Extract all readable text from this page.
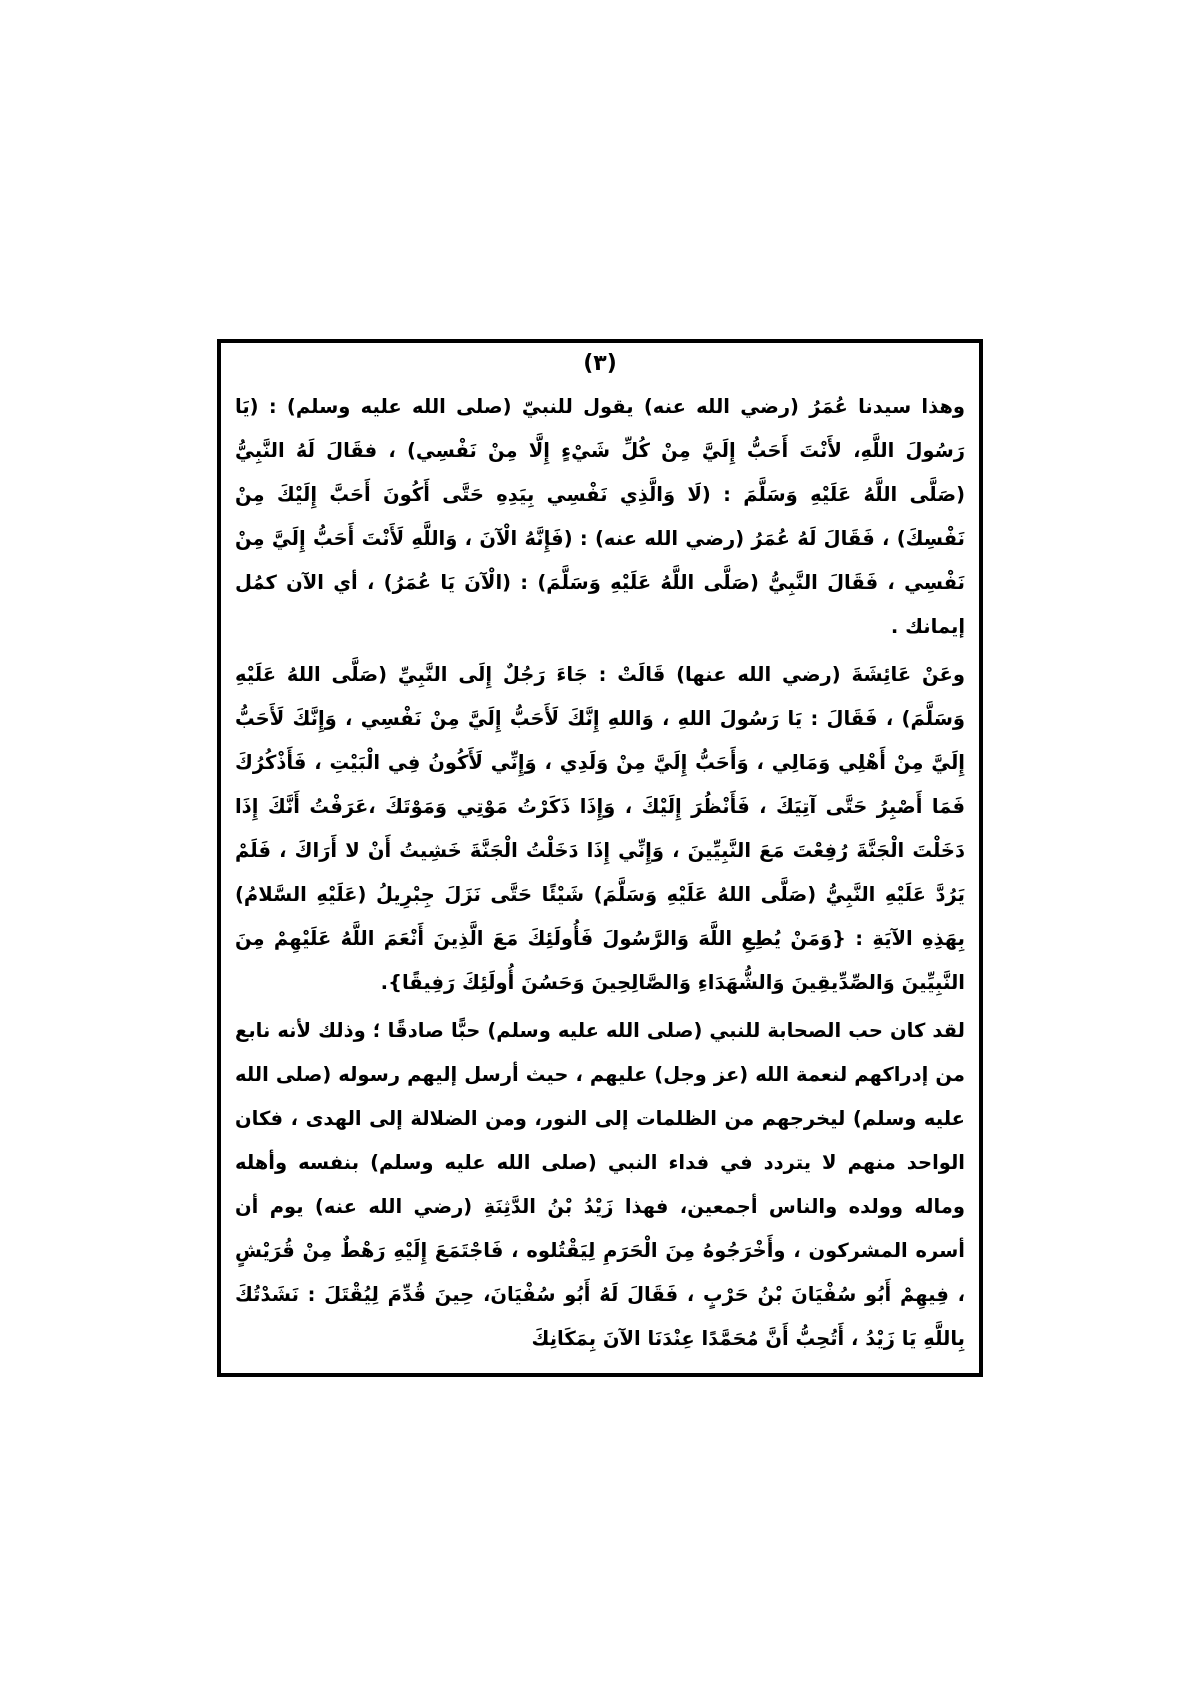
(٣)

وهذا سيدنا عُمَرُ (رضي الله عنه) يقول للنبيّ (صلى الله عليه وسلم) : (يَا رَسُولَ اللَّهِ، لأَنْتَ أَحَبُّ إِلَيَّ مِنْ كُلِّ شَيْءٍ إِلَّا مِنْ نَفْسِي) ، فقَالَ لَهُ النَّبِيُّ (صَلَّى اللَّهُ عَلَيْهِ وَسَلَّمَ : (لَا وَالَّذِي نَفْسِي بِيَدِهِ حَتَّى أَكُونَ أَحَبَّ إِلَيْكَ مِنْ نَفْسِكَ) ، فَقَالَ لَهُ عُمَرُ (رضي الله عنه) : (فَإِنَّهُ الْآنَ ، وَاللَّهِ لَأَنْتَ أَحَبُّ إِلَيَّ مِنْ نَفْسِي ، فَقَالَ النَّبِيُّ (صَلَّى اللَّهُ عَلَيْهِ وَسَلَّمَ) : (الْآنَ يَا عُمَرُ) ، أي الآن كمُل إيمانك .

وعَنْ عَائِشَةَ (رضي الله عنها) قَالَتْ : جَاءَ رَجُلٌ إِلَى النَّبِيِّ (صَلَّى اللهُ عَلَيْهِ وَسَلَّمَ) ، فَقَالَ : يَا رَسُولَ اللهِ ، وَاللهِ إِنَّكَ لَأَحَبُّ إِلَيَّ مِنْ نَفْسِي ، وَإِنَّكَ لَأَحَبُّ إِلَيَّ مِنْ أَهْلِي وَمَالِي ، وَأَحَبُّ إِلَيَّ مِنْ وَلَدِي ، وَإِنِّي لَأَكُونُ فِي الْبَيْتِ ، فَأَذْكُرُكَ فَمَا أَصْبِرُ حَتَّى آتِيَكَ ، فَأَنْظُرَ إِلَيْكَ ، وَإِذَا ذَكَرْتُ مَوْتِي وَمَوْتَكَ ،عَرَفْتُ أَنَّكَ إِذَا دَخَلْتَ الْجَنَّةَ رُفِعْتَ مَعَ النَّبِيِّينَ ، وَإِنِّي إِذَا دَخَلْتُ الْجَنَّةَ خَشِيتُ أَنْ لا أَرَاكَ ، فَلَمْ يَرُدَّ عَلَيْهِ النَّبِيُّ (صَلَّى اللهُ عَلَيْهِ وَسَلَّمَ) شَيْئًا حَتَّى نَزَلَ جِبْرِيلُ (عَلَيْهِ السَّلامُ) بِهَذِهِ الآيَةِ : {وَمَنْ يُطِعِ اللَّهَ وَالرَّسُولَ فَأُولَئِكَ مَعَ الَّذِينَ أَنْعَمَ اللَّهُ عَلَيْهِمْ مِنَ النَّبِيِّينَ وَالصِّدِّيقِينَ وَالشُّهَدَاءِ وَالصَّالِحِينَ وَحَسُنَ أُولَئِكَ رَفِيقًا}.

لقد كان حب الصحابة للنبي (صلى الله عليه وسلم) حبًّا صادقًا ؛ وذلك لأنه نابع من إدراكهم لنعمة الله (عز وجل) عليهم ، حيث أرسل إليهم رسوله (صلى الله عليه وسلم) ليخرجهم من الظلمات إلى النور، ومن الضلالة إلى الهدى ، فكان الواحد منهم لا يتردد في فداء النبي (صلى الله عليه وسلم) بنفسه وأهله وماله وولده والناس أجمعين، فهذا زَيْدُ بْنُ الدَّثِنَةِ (رضي الله عنه) يوم أن أسره المشركون ، وأَخْرَجُوهُ مِنَ الْحَرَمِ لِيَقْتُلوه ، فَاجْتَمَعَ إِلَيْهِ رَهْطٌ مِنْ قُرَيْشٍ ، فِيهِمْ أَبُو سُفْيَانَ بْنُ حَرْبٍ ، فَقَالَ لَهُ أَبُو سُفْيَانَ، حِينَ قُدِّمَ لِيُقْتَلَ : نَشَدْتُكَ بِاللَّهِ يَا زَيْدُ ، أَتُحِبُّ أَنَّ مُحَمَّدًا عِنْدَنَا الآنَ بِمَكَانِكَ
